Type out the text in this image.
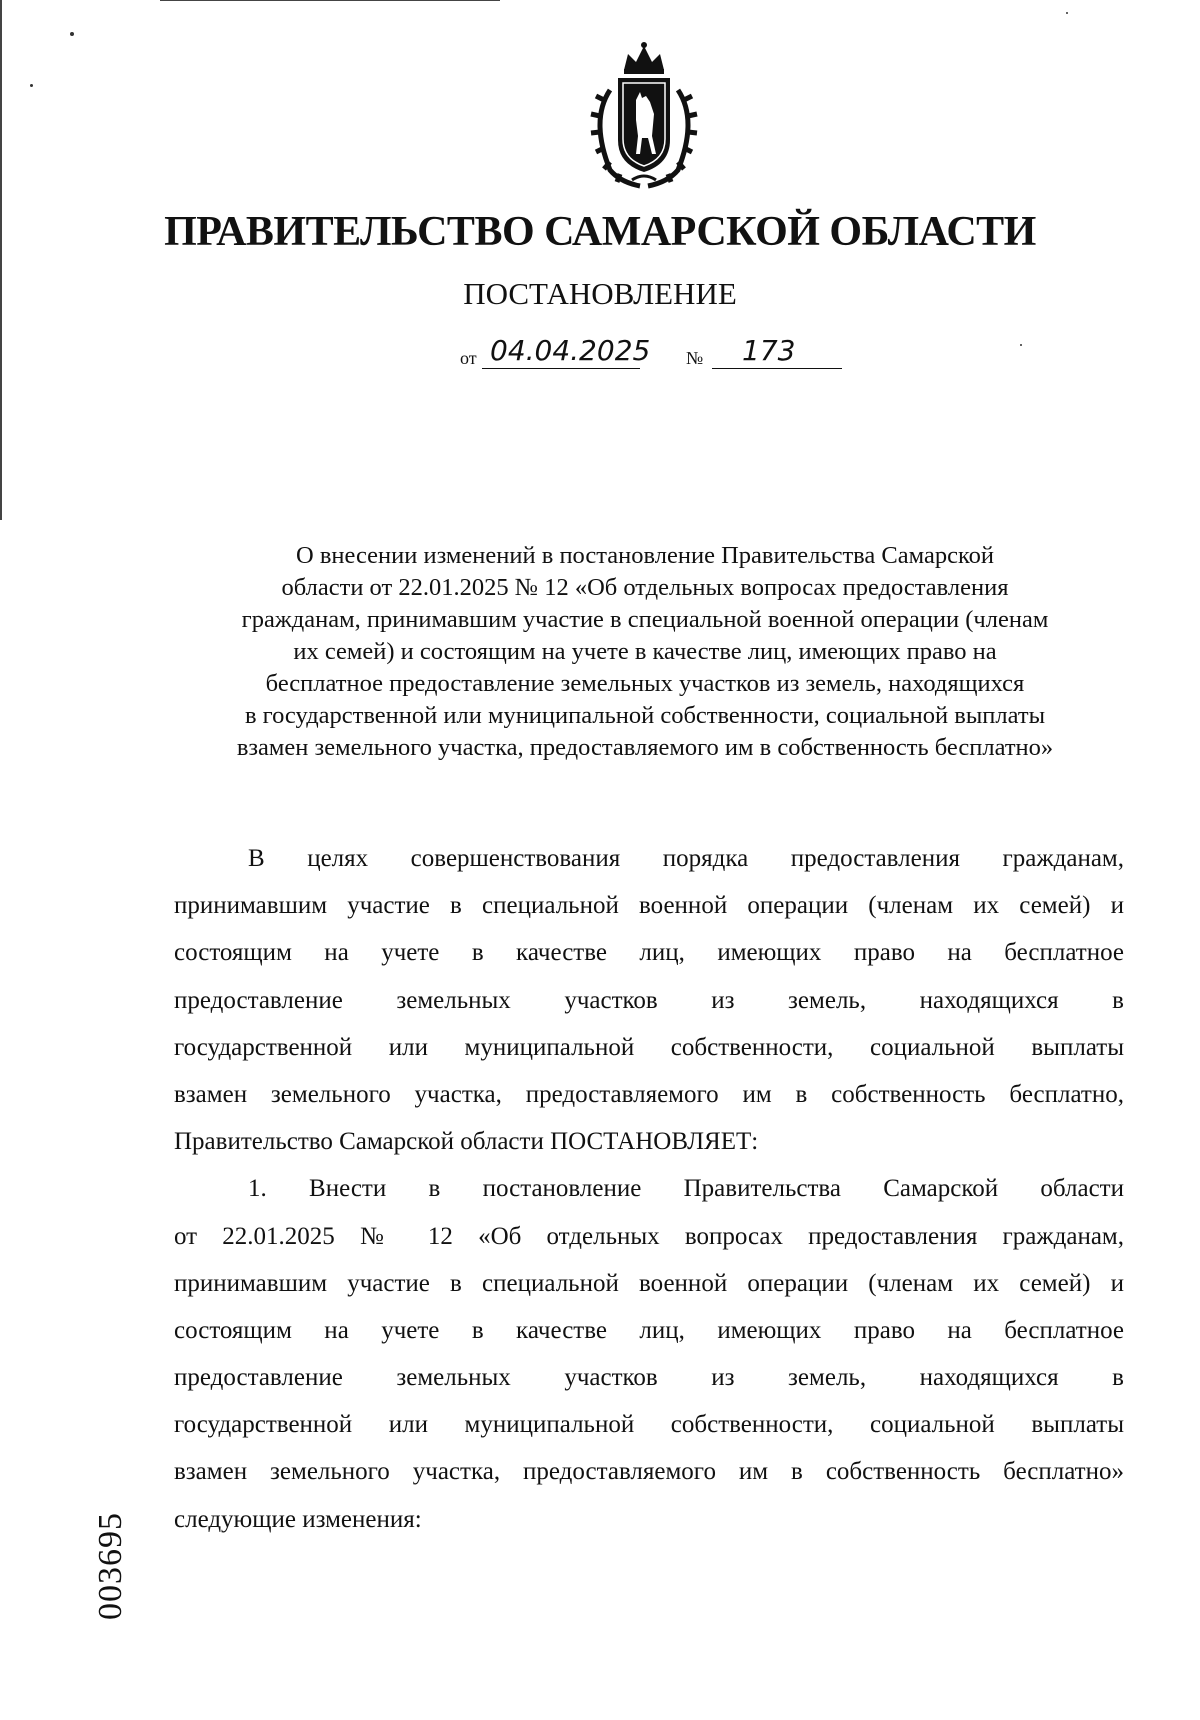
ПРАВИТЕЛЬСТВО САМАРСКОЙ ОБЛАСТИ
ПОСТАНОВЛЕНИЕ
от 04.04.2025 №	173
О внесении изменений в постановление Правительства Самарской
области от 22.01.2025 № 12 «Об отдельных вопросах предоставления
гражданам, принимавшим участие в специальной военной операции (членам
их семей) и состоящим на учете в качестве лиц, имеющих право на
бесплатное предоставление земельных участков из земель, находящихся
в государственной или муниципальной собственности, социальной выплаты
взамен земельного участка, предоставляемого им в собственность бесплатно»
В целях совершенствования порядка предоставления гражданам,
принимавшим участие в специальной военной операции (членам их семей) и
состоящим на учете в качестве лиц, имеющих право на бесплатное
предоставление земельных участков из земель, находящихся в
государственной или муниципальной собственности, социальной выплаты
взамен земельного участка, предоставляемого им в собственность бесплатно,
Правительство Самарской области ПОСТАНОВЛЯЕТ:
1. Внести в постановление Правительства Самарской области
от 22.01.2025 № 12 «Об отдельных вопросах предоставления гражданам,
принимавшим участие в специальной военной операции (членам их семей) и
состоящим на учете в качестве лиц, имеющих право на бесплатное
предоставление земельных участков из земель, находящихся в
государственной или муниципальной собственности, социальной выплаты
взамен земельного участка, предоставляемого им в собственность бесплатно»
следующие изменения:
003695
